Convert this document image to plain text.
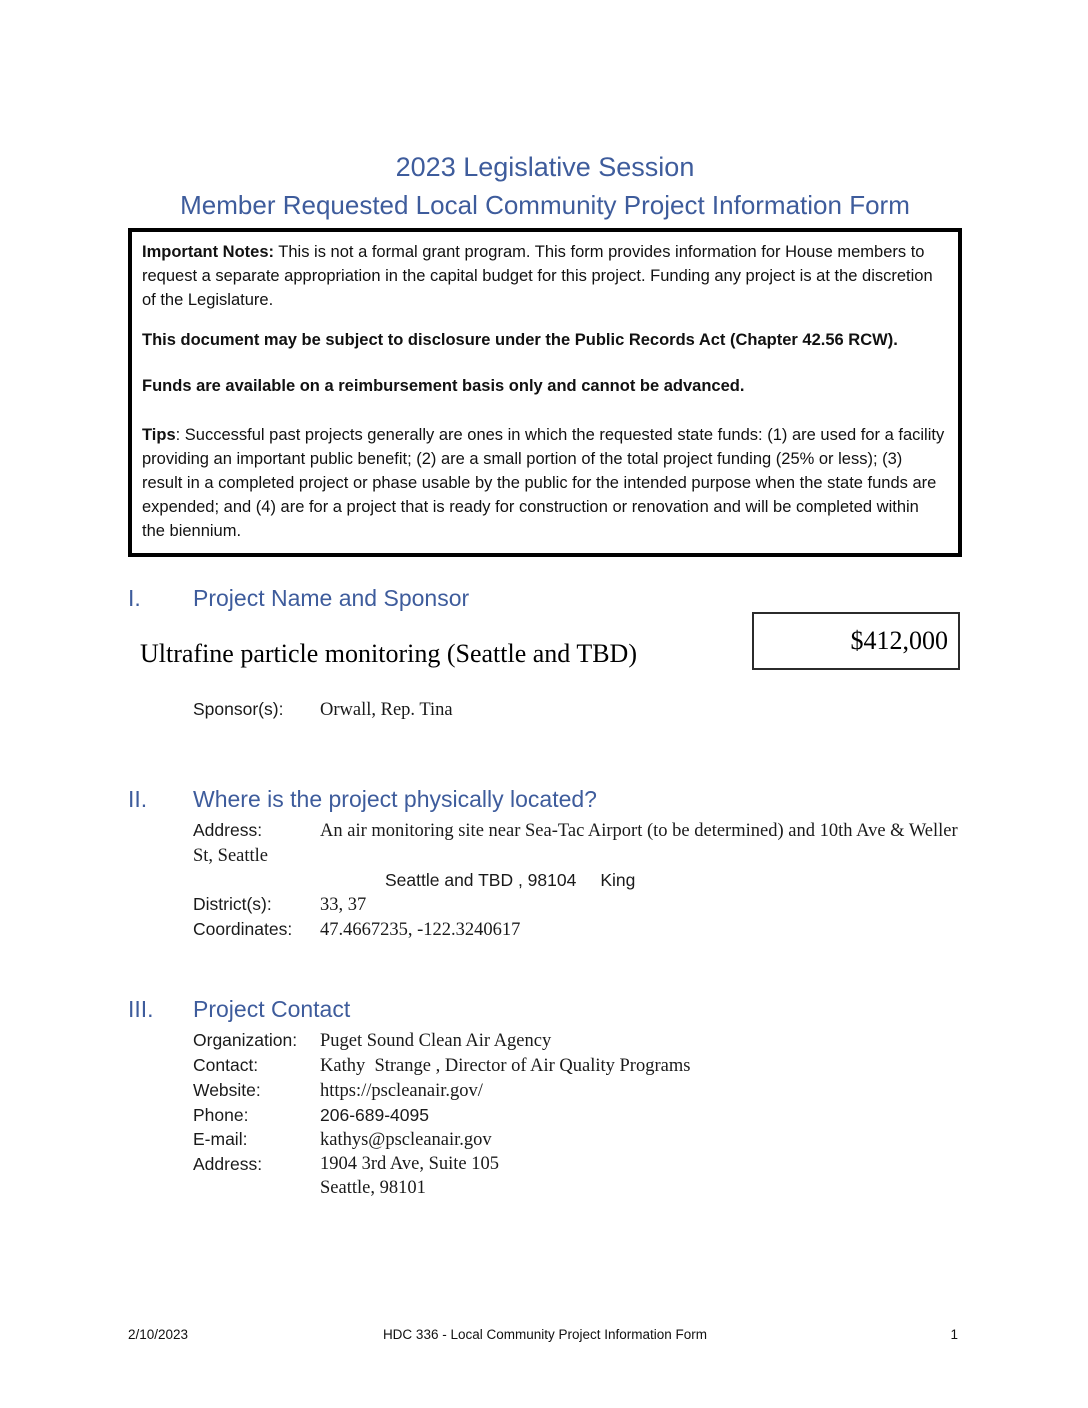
2023 Legislative Session
Member Requested Local Community Project Information Form

Important Notes: This is not a formal grant program. This form provides information for House members to request a separate appropriation in the capital budget for this project. Funding any project is at the discretion of the Legislature.

This document may be subject to disclosure under the Public Records Act (Chapter 42.56 RCW).

Funds are available on a reimbursement basis only and cannot be advanced.

Tips: Successful past projects generally are ones in which the requested state funds: (1) are used for a facility providing an important public benefit; (2) are a small portion of the total project funding (25% or less); (3) result in a completed project or phase usable by the public for the intended purpose when the state funds are expended; and (4) are for a project that is ready for construction or renovation and will be completed within the biennium.

I.	Project Name and Sponsor
$412,000
Ultrafine particle monitoring (Seattle and TBD)
Sponsor(s): Orwall, Rep. Tina
II.	Where is the project physically located?
Address:	An air monitoring site near Sea-Tac Airport (to be determined) and 10th Ave & Weller St, Seattle
Seattle and TBD , 98104 King
District(s):	33, 37
Coordinates: 47.4667235, -122.3240617
III.	Project Contact
Organization: Puget Sound Clean Air Agency
Contact:	Kathy  Strange , Director of Air Quality Programs
Website:	https://pscleanair.gov/
Phone:	206-689-4095
E-mail:	kathys@pscleanair.gov
Address:	1904 3rd Ave, Suite 105
Seattle, 98101
2/10/2023	HDC 336 - Local Community Project Information Form	1
